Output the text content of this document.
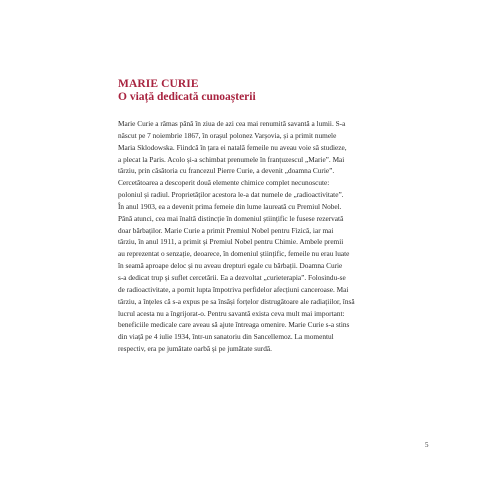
MARIE CURIE
O viață dedicată cunoașterii

Marie Curie a rămas până în ziua de azi cea mai renumită savantă a lumii. S-a
născut pe 7 noiembrie 1867, în orașul polonez Varșovia, și a primit numele
Maria Sklodowska. Fiindcă în țara ei natală femeile nu aveau voie să studieze,
a plecat la Paris. Acolo și-a schimbat prenumele în franțuzescul „Marie”. Mai
târziu, prin căsătoria cu francezul Pierre Curie, a devenit „doamna Curie”.
Cercetătoarea a descoperit două elemente chimice complet necunoscute:
poloniul și radiul. Proprietăților acestora le-a dat numele de „radioactivitate”.
În anul 1903, ea a devenit prima femeie din lume laureată cu Premiul Nobel.
Până atunci, cea mai înaltă distincție în domeniul științific le fusese rezervată
doar bărbaților. Marie Curie a primit Premiul Nobel pentru Fizică, iar mai
târziu, în anul 1911, a primit și Premiul Nobel pentru Chimie. Ambele premii
au reprezentat o senzație, deoarece, în domeniul științific, femeile nu erau luate
în seamă aproape deloc și nu aveau drepturi egale cu bărbații. Doamna Curie
s-a dedicat trup și suflet cercetării. Ea a dezvoltat „curieterapia”. Folosindu-se
de radioactivitate, a pornit lupta împotriva perfidelor afecțiuni canceroase. Mai
târziu, a înțeles că s-a expus pe sa însăși forțelor distrugătoare ale radiațiilor, însă
lucrul acesta nu a îngrijorat-o. Pentru savantă exista ceva mult mai important:
beneficiile medicale care aveau să ajute întreaga omenire. Marie Curie s-a stins
din viață pe 4 iulie 1934, într-un sanatoriu din Sancellemoz. La momentul
respectiv, era pe jumătate oarbă și pe jumătate surdă.

5
